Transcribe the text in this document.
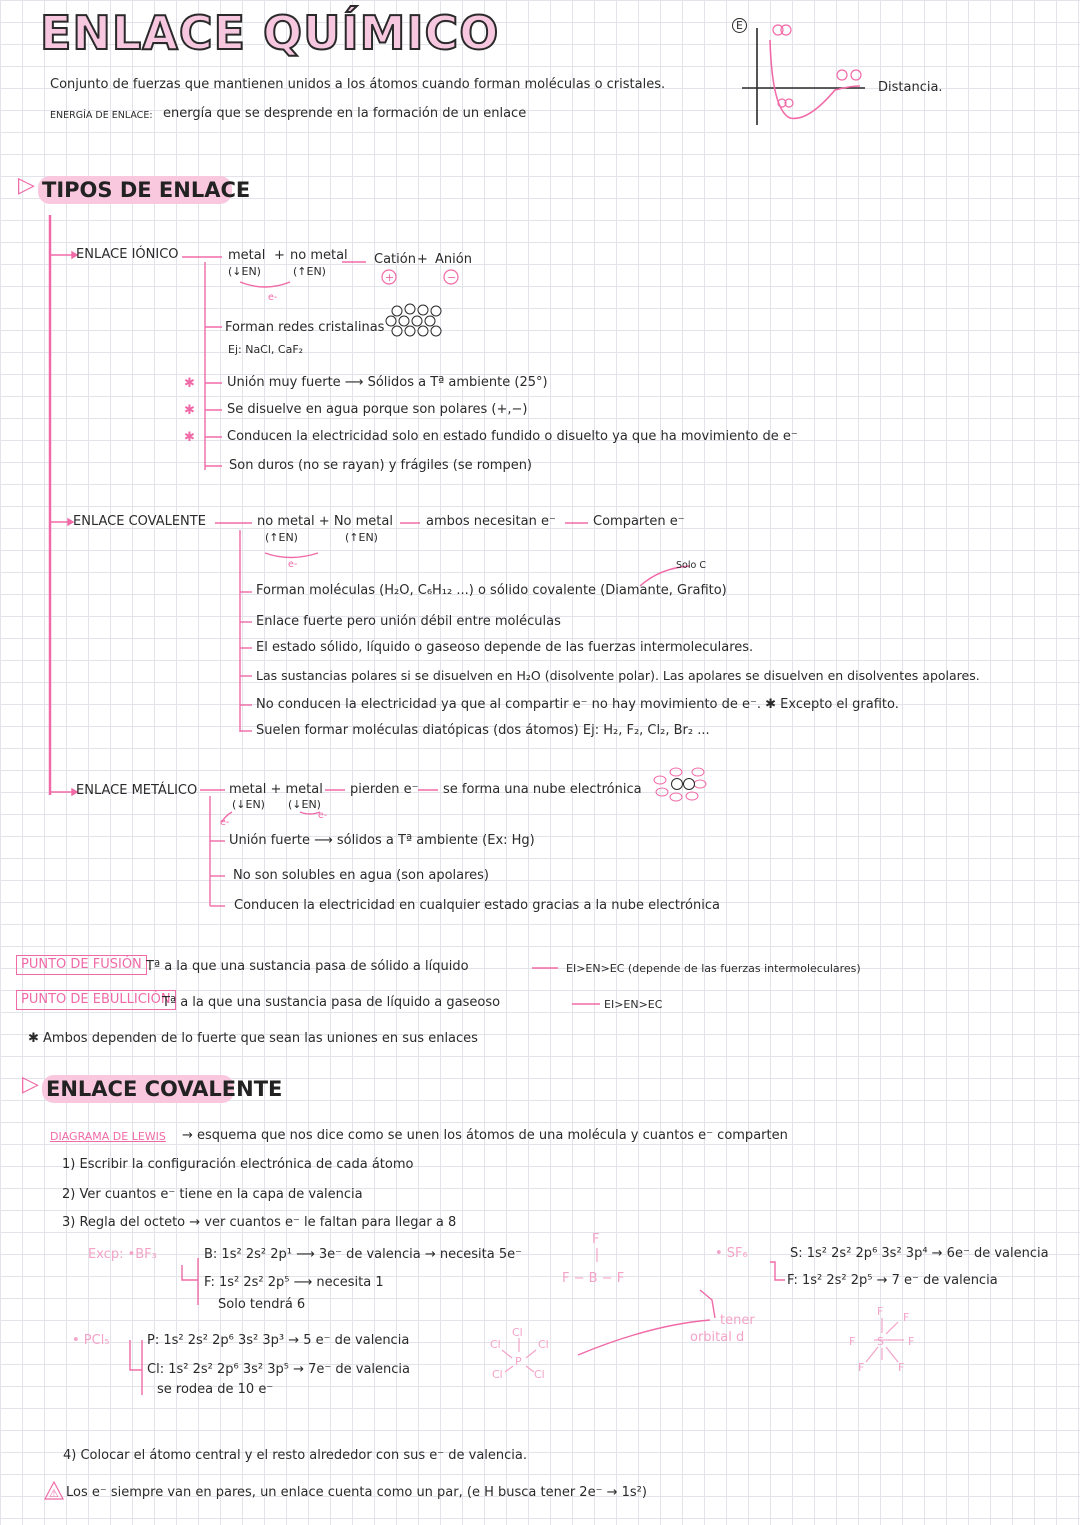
ENLACE QUÍMICO
Conjunto de fuerzas que mantienen unidos a los átomos cuando forman moléculas o cristales.
ENERGÍA DE ENLACE: energía que se desprende en la formación de un enlace
E
Distancia.
▷ TIPOS DE ENLACE
ENLACE IÓNICO	metal + no metal
(↓EN)	(↑EN)
e-
Catión + Anión
+	−
Forman redes cristalinas
Ej: NaCl, CaF₂
✱
✱
✱
Unión muy fuerte ⟶ Sólidos a Tª ambiente (25°)
Se disuelve en agua porque son polares (+,−)
Conducen la electricidad solo en estado fundido o disuelto ya que ha movimiento de e⁻
Son duros (no se rayan) y frágiles (se rompen)
ENLACE COVALENTE	no metal + No metal
(↑EN)	(↑EN)
e-
ambos necesitan e⁻	Comparten e⁻
Solo C
Forman moléculas (H₂O, C₆H₁₂ ...) o sólido covalente (Diamante, Grafito)
Enlace fuerte pero unión débil entre moléculas
El estado sólido, líquido o gaseoso depende de las fuerzas intermoleculares.
Las sustancias polares si se disuelven en H₂O (disolvente polar). Las apolares se disuelven en disolventes apolares.
No conducen la electricidad ya que al compartir e⁻ no hay movimiento de e⁻. ✱ Excepto el grafito.
Suelen formar moléculas diatópicas (dos átomos) Ej: H₂, F₂, Cl₂, Br₂ ...
ENLACE METÁLICO metal + metal
(↓EN) (↓EN)
e-
e-
pierden e⁻ se forma una nube electrónica
Unión fuerte ⟶ sólidos a Tª ambiente (Ex: Hg)
No son solubles en agua (son apolares)
Conducen la electricidad en cualquier estado gracias a la nube electrónica
PUNTO DE FUSIÓN Tª a la que una sustancia pasa de sólido a líquido	EI>EN>EC (depende de las fuerzas intermoleculares)
PUNTO DE EBULLICIÓN
Tª a la que una sustancia pasa de líquido a gaseoso	EI>EN>EC
✱ Ambos dependen de lo fuerte que sean las uniones en sus enlaces
▷ ENLACE COVALENTE
DIAGRAMA DE LEWIS → esquema que nos dice como se unen los átomos de una molécula y cuantos e⁻ comparten
1) Escribir la configuración electrónica de cada átomo
2) Ver cuantos e⁻ tiene en la capa de valencia
3) Regla del octeto → ver cuantos e⁻ le faltan para llegar a 8
Excp: •BF₃	B: 1s² 2s² 2p¹ ⟶ 3e⁻ de valencia → necesita 5e⁻
F: 1s² 2s² 2p⁵ ⟶ necesita 1
Solo tendrá 6
F
F − B − F
• SF₆	S: 1s² 2s² 2p⁶ 3s² 3p⁴ → 6e⁻ de valencia
F: 1s² 2s² 2p⁵ → 7 e⁻ de valencia
tener
orbital d
• PCl₅	P: 1s² 2s² 2p⁶ 3s² 3p³ → 5 e⁻ de valencia
Cl: 1s² 2s² 2p⁶ 3s² 3p⁵ → 7e⁻ de valencia
se rodea de 10 e⁻
P
Cl
Cl	Cl
Cl	Cl
S
F F
F	F
F	F
4) Colocar el átomo central y el resto alrededor con sus e⁻ de valencia.
⚠ Los e⁻ siempre van en pares, un enlace cuenta como un par, (e H busca tener 2e⁻ → 1s²)
